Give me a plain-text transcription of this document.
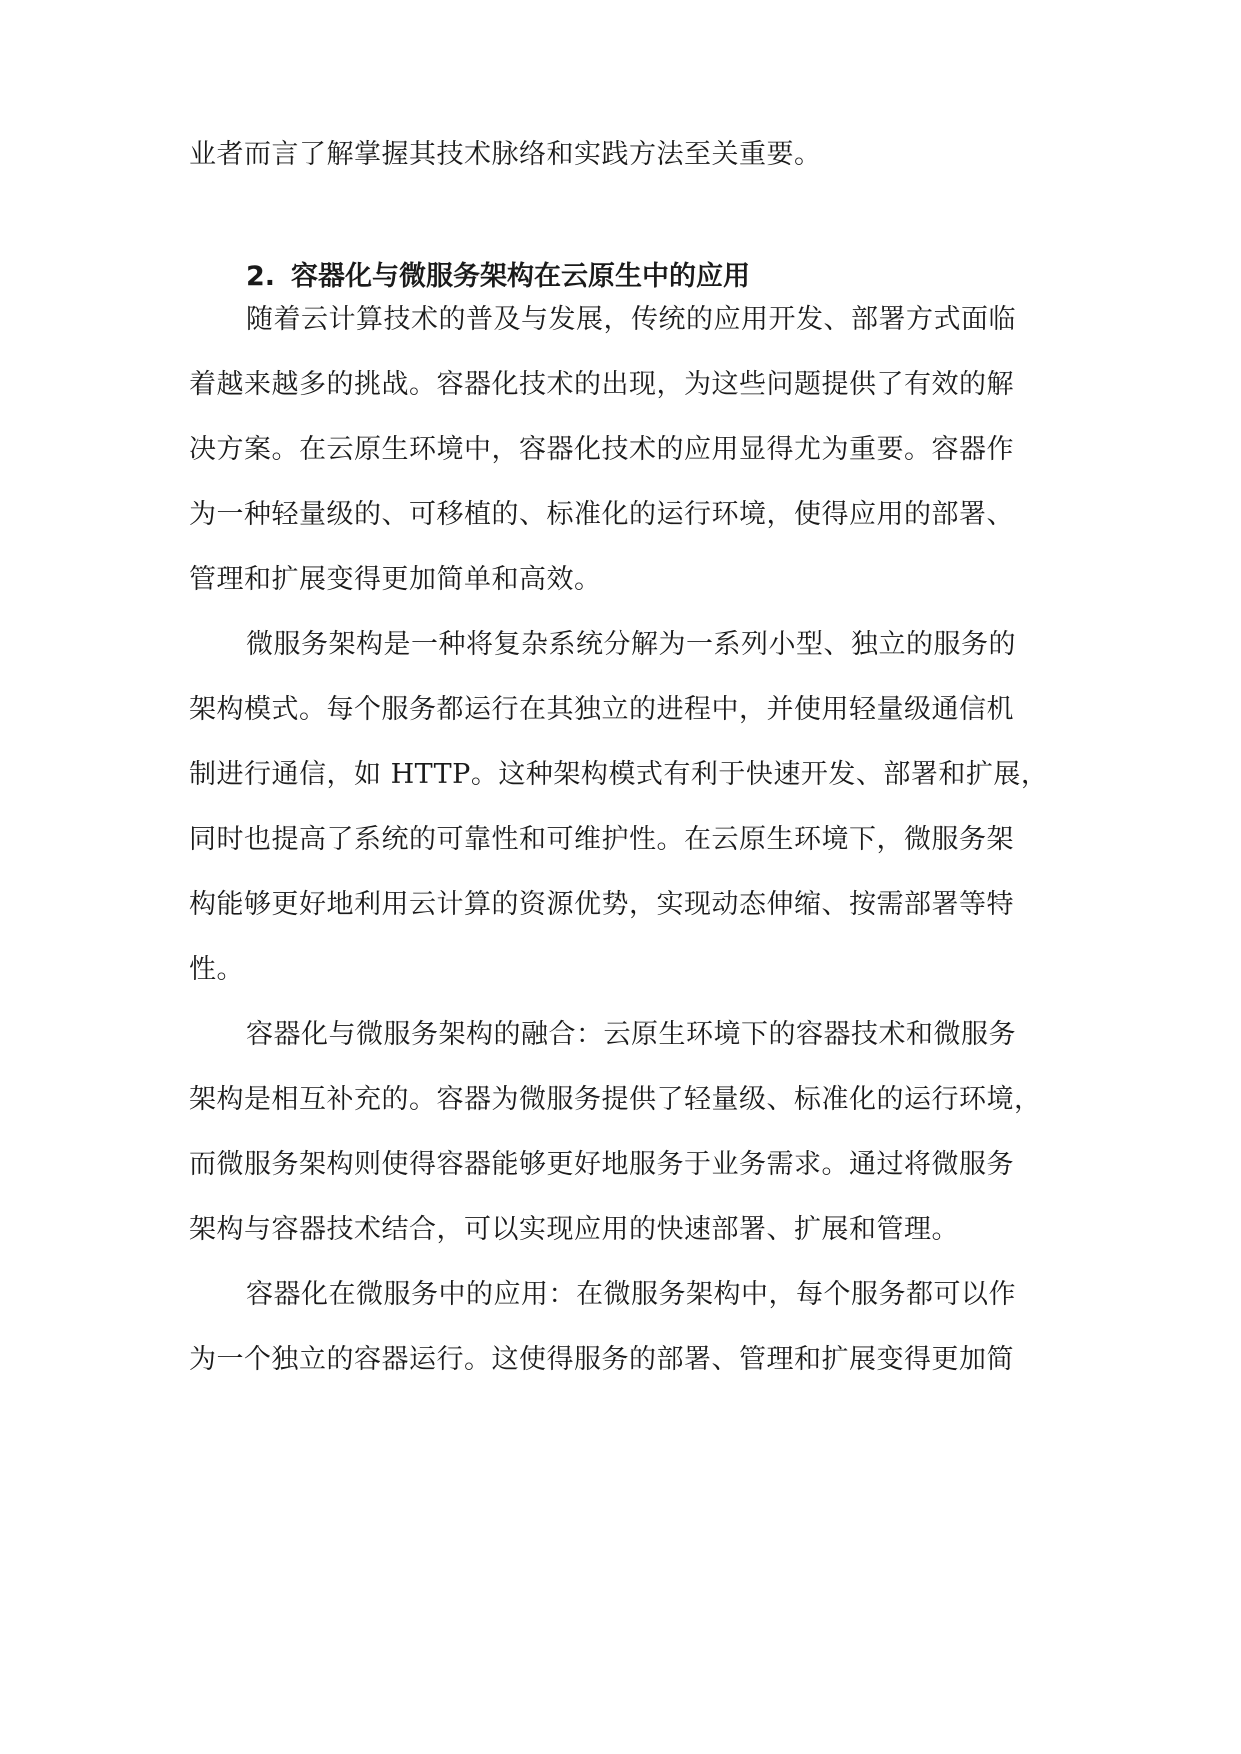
业者而言了解掌握其技术脉络和实践方法至关重要。
2. 容器化与微服务架构在云原生中的应用
随着云计算技术的普及与发展，传统的应用开发、部署方式面临
着越来越多的挑战。容器化技术的出现，为这些问题提供了有效的解
决方案。在云原生环境中，容器化技术的应用显得尤为重要。容器作
为一种轻量级的、可移植的、标准化的运行环境，使得应用的部署、
管理和扩展变得更加简单和高效。
微服务架构是一种将复杂系统分解为一系列小型、独立的服务的
架构模式。每个服务都运行在其独立的进程中，并使用轻量级通信机
制进行通信，如 HTTP。这种架构模式有利于快速开发、部署和扩展，
同时也提高了系统的可靠性和可维护性。在云原生环境下，微服务架
构能够更好地利用云计算的资源优势，实现动态伸缩、按需部署等特
性。
容器化与微服务架构的融合：云原生环境下的容器技术和微服务
架构是相互补充的。容器为微服务提供了轻量级、标准化的运行环境，
而微服务架构则使得容器能够更好地服务于业务需求。通过将微服务
架构与容器技术结合，可以实现应用的快速部署、扩展和管理。
容器化在微服务中的应用：在微服务架构中，每个服务都可以作
为一个独立的容器运行。这使得服务的部署、管理和扩展变得更加简
